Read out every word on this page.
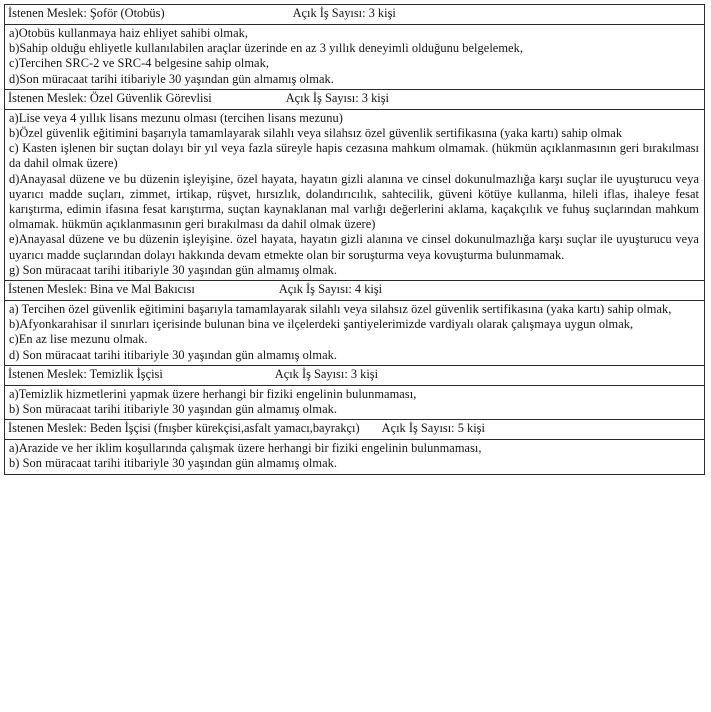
İstenen Meslek: Şoför (Otobüs)	Açık İş Sayısı: 3 kişi

a)Otobüs kullanmaya haiz ehliyet sahibi olmak,
b)Sahip olduğu ehliyetle kullanılabilen araçlar üzerinde en az 3 yıllık deneyimli olduğunu belgelemek,
c)Tercihen SRC-2 ve SRC-4 belgesine sahip olmak,
d)Son müracaat tarihi itibariyle 30 yaşından gün almamış olmak.

İstenen Meslek: Özel Güvenlik Görevlisi	Açık İş Sayısı: 3 kişi

a)Lise veya 4 yıllık lisans mezunu olması (tercihen lisans mezunu)
b)Özel güvenlik eğitimini başarıyla tamamlayarak silahlı veya silahsız özel güvenlik sertifikasına (yaka kartı) sahip olmak
c) Kasten işlenen bir suçtan dolayı bir yıl veya fazla süreyle hapis cezasına mahkum olmamak. (hükmün açıklanmasının geri bırakılması da dahil olmak üzere)
d)Anayasal düzene ve bu düzenin işleyişine, özel hayata, hayatın gizli alanına ve cinsel dokunulmazlığa karşı suçlar ile uyuşturucu veya uyarıcı madde suçları, zimmet, irtikap, rüşvet, hırsızlık, dolandırıcılık, sahtecilik, güveni kötüye kullanma, hileli iflas, ihaleye fesat karıştırma, edimin ifasına fesat karıştırma, suçtan kaynaklanan mal varlığı değerlerini aklama, kaçakçılık ve fuhuş suçlarından mahkum olmamak. hükmün açıklanmasının geri bırakılması da dahil olmak üzere)
e)Anayasal düzene ve bu düzenin işleyişine. özel hayata, hayatın gizli alanına ve cinsel dokunulmazlığa karşı suçlar ile uyuşturucu veya uyarıcı madde suçlarından dolayı hakkında devam etmekte olan bir soruşturma veya kovuşturma bulunmamak.
g) Son müracaat tarihi itibariyle 30 yaşından gün almamış olmak.

İstenen Meslek: Bina ve Mal Bakıcısı	Açık İş Sayısı: 4 kişi

a) Tercihen özel güvenlik eğitimini başarıyla tamamlayarak silahlı veya silahsız özel güvenlik sertifikasına (yaka kartı) sahip olmak,
b)Afyonkarahisar il sınırları içerisinde bulunan bina ve ilçelerdeki şantiyelerimizde vardiyalı olarak çalışmaya uygun olmak,
c)En az lise mezunu olmak.
d) Son müracaat tarihi itibariyle 30 yaşından gün almamış olmak.

İstenen Meslek: Temizlik İşçisi	Açık İş Sayısı: 3 kişi

a)Temizlik hizmetlerini yapmak üzere herhangi bir fiziki engelinin bulunmaması,
b) Son müracaat tarihi itibariyle 30 yaşından gün almamış olmak.

İstenen Meslek: Beden İşçisi (fnışber kürekçisi,asfalt yamacı,bayrakçı) Açık İş Sayısı: 5 kişi

a)Arazide ve her iklim koşullarında çalışmak üzere herhangi bir fiziki engelinin bulunmaması,
b) Son müracaat tarihi itibariyle 30 yaşından gün almamış olmak.
